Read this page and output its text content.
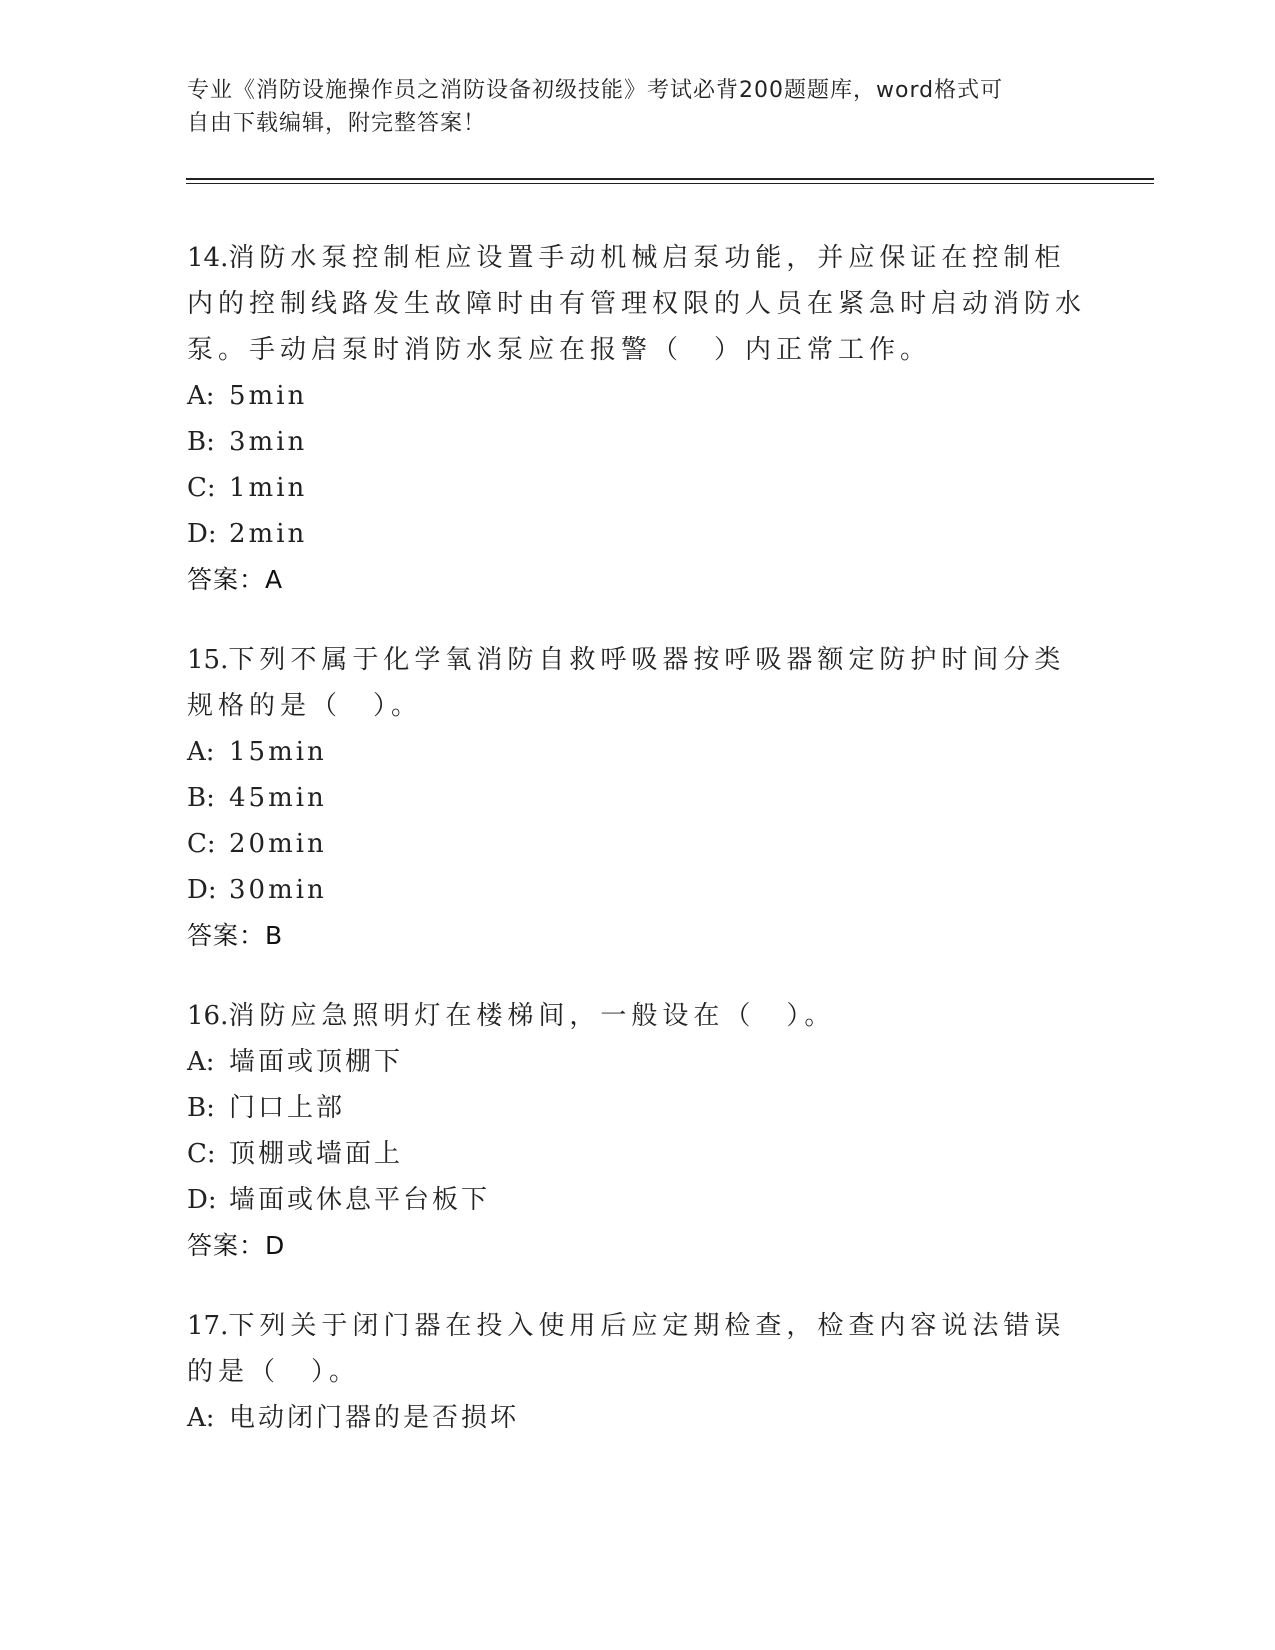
专业《消防设施操作员之消防设备初级技能》考试必背200题题库，word格式可
自由下载编辑，附完整答案！
14.消防水泵控制柜应设置手动机械启泵功能，并应保证在控制柜内的控制线路发生故障时由有管理权限的人员在紧急时启动消防水泵。手动启泵时消防水泵应在报警（　）内正常工作。
A: 5min
B: 3min
C: 1min
D: 2min
答案：A
15.下列不属于化学氧消防自救呼吸器按呼吸器额定防护时间分类规格的是（　）。
A: 15min
B: 45min
C: 20min
D: 30min
答案：B
16.消防应急照明灯在楼梯间，一般设在（　）。
A: 墙面或顶棚下
B: 门口上部
C: 顶棚或墙面上
D: 墙面或休息平台板下
答案：D
17.下列关于闭门器在投入使用后应定期检查，检查内容说法错误的是（　）。
A: 电动闭门器的是否损坏
